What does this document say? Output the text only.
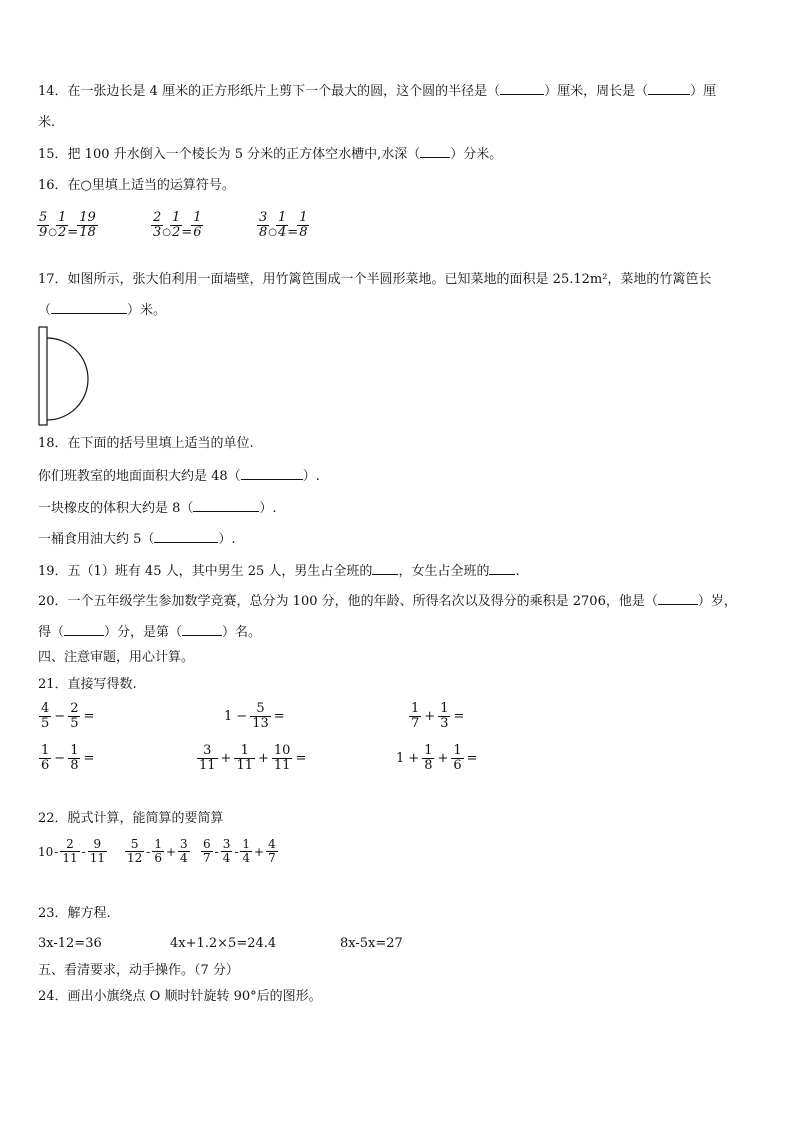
14．在一张边长是 4 厘米的正方形纸片上剪下一个最大的圆，这个圆的半径是（	）厘米，周长是（	）厘
米.
15．把 100 升水倒入一个棱长为 5 分米的正方体空水槽中,水深（ ）分米。
16．在○里填上适当的运算符号。
$\frac{5}{9}$ ○ $\frac{1}{2} = \frac{19}{18}$	$\frac{2}{3}$ ○ $\frac{1}{2} = \frac{1}{6}$	$\frac{3}{8}$ ○ $\frac{1}{4} = \frac{1}{8}$
17．如图所示，张大伯利用一面墙壁，用竹篱笆围成一个半圆形菜地。已知菜地的面积是 25.12m²，菜地的竹篱笆长
（	）米。
18．在下面的括号里填上适当的单位.
你们班教室的地面面积大约是 48（	）.
一块橡皮的体积大约是 8（	）.
一桶食用油大约 5（	）.
19．五（1）班有 45 人，其中男生 25 人，男生占全班的 ，女生占全班的 .
20．一个五年级学生参加数学竞赛，总分为 100 分，他的年龄、所得名次以及得分的乘积是 2706，他是（	）岁，
得（	）分，是第（	）名。
四、注意审题，用心计算。
21．直接写得数.
$\frac{4}{5} - \frac{2}{5}$ =	$1 - \frac{5}{13}$ =	$\frac{1}{7} + \frac{1}{3}$ =
$\frac{1}{6} - \frac{1}{8}$ =	$\frac{3}{11} + \frac{1}{11} + \frac{10}{11}$ =	$1 + \frac{1}{8} + \frac{1}{6}$ =
22．脱式计算，能简算的要简算
$10 - \frac{2}{11} - \frac{9}{11} \frac{5}{12} - \frac{1}{6} + \frac{3}{4} \frac{6}{7} - \frac{3}{4} - \frac{1}{4} + \frac{4}{7}$
23．解方程.
3x-12=36	4x+1.2×5=24.4	8x-5x=27
五、看清要求，动手操作。（7 分）
24．画出小旗绕点 O 顺时针旋转 90°后的图形。
